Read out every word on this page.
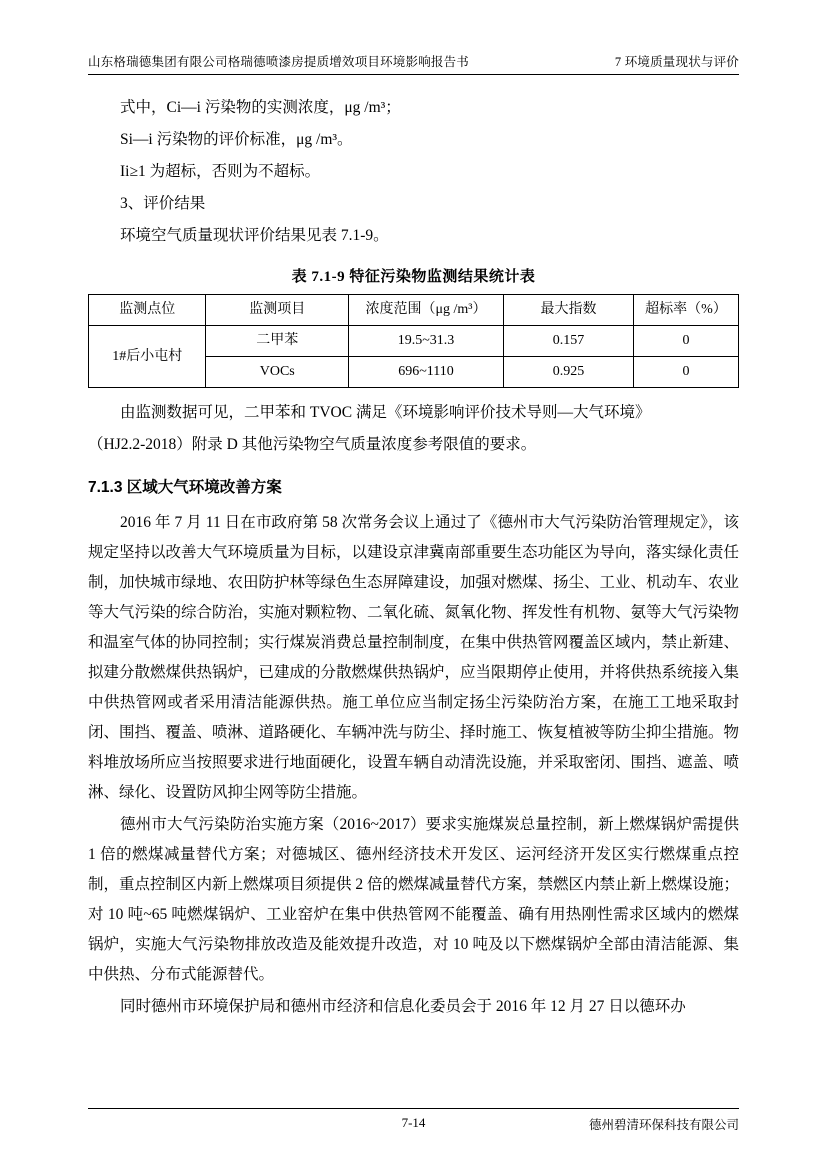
山东格瑞德集团有限公司格瑞德喷漆房提质增效项目环境影响报告书	7 环境质量现状与评价

式中，Ci—i 污染物的实测浓度，μg /m³；

Si—i 污染物的评价标准，μg /m³。

Ii≥1 为超标，否则为不超标。

3、评价结果

环境空气质量现状评价结果见表 7.1-9。

表 7.1-9 特征污染物监测结果统计表
监测点位	监测项目	浓度范围（μg /m³）	最大指数	超标率（%）
1#后小屯村	二甲苯	19.5~31.3	0.157	0
	VOCs	696~1110	0.925	0

由监测数据可见，二甲苯和 TVOC 满足《环境影响评价技术导则—大气环境》

（HJ2.2-2018）附录 D 其他污染物空气质量浓度参考限值的要求。

7.1.3 区域大气环境改善方案

2016 年 7 月 11 日在市政府第 58 次常务会议上通过了《德州市大气污染防治管理规定》，该规定坚持以改善大气环境质量为目标，以建设京津冀南部重要生态功能区为导向，落实绿化责任制，加快城市绿地、农田防护林等绿色生态屏障建设，加强对燃煤、扬尘、工业、机动车、农业等大气污染的综合防治，实施对颗粒物、二氧化硫、氮氧化物、挥发性有机物、氨等大气污染物和温室气体的协同控制；实行煤炭消费总量控制制度，在集中供热管网覆盖区域内，禁止新建、拟建分散燃煤供热锅炉，已建成的分散燃煤供热锅炉，应当限期停止使用，并将供热系统接入集中供热管网或者采用清洁能源供热。施工单位应当制定扬尘污染防治方案，在施工工地采取封闭、围挡、覆盖、喷淋、道路硬化、车辆冲洗与防尘、择时施工、恢复植被等防尘抑尘措施。物料堆放场所应当按照要求进行地面硬化，设置车辆自动清洗设施，并采取密闭、围挡、遮盖、喷淋、绿化、设置防风抑尘网等防尘措施。

德州市大气污染防治实施方案（2016~2017）要求实施煤炭总量控制，新上燃煤锅炉需提供 1 倍的燃煤减量替代方案；对德城区、德州经济技术开发区、运河经济开发区实行燃煤重点控制，重点控制区内新上燃煤项目须提供 2 倍的燃煤减量替代方案，禁燃区内禁止新上燃煤设施；对 10 吨~65 吨燃煤锅炉、工业窑炉在集中供热管网不能覆盖、确有用热刚性需求区域内的燃煤锅炉，实施大气污染物排放改造及能效提升改造，对 10 吨及以下燃煤锅炉全部由清洁能源、集中供热、分布式能源替代。

同时德州市环境保护局和德州市经济和信息化委员会于 2016 年 12 月 27 日以德环办

7-14	德州碧清环保科技有限公司
